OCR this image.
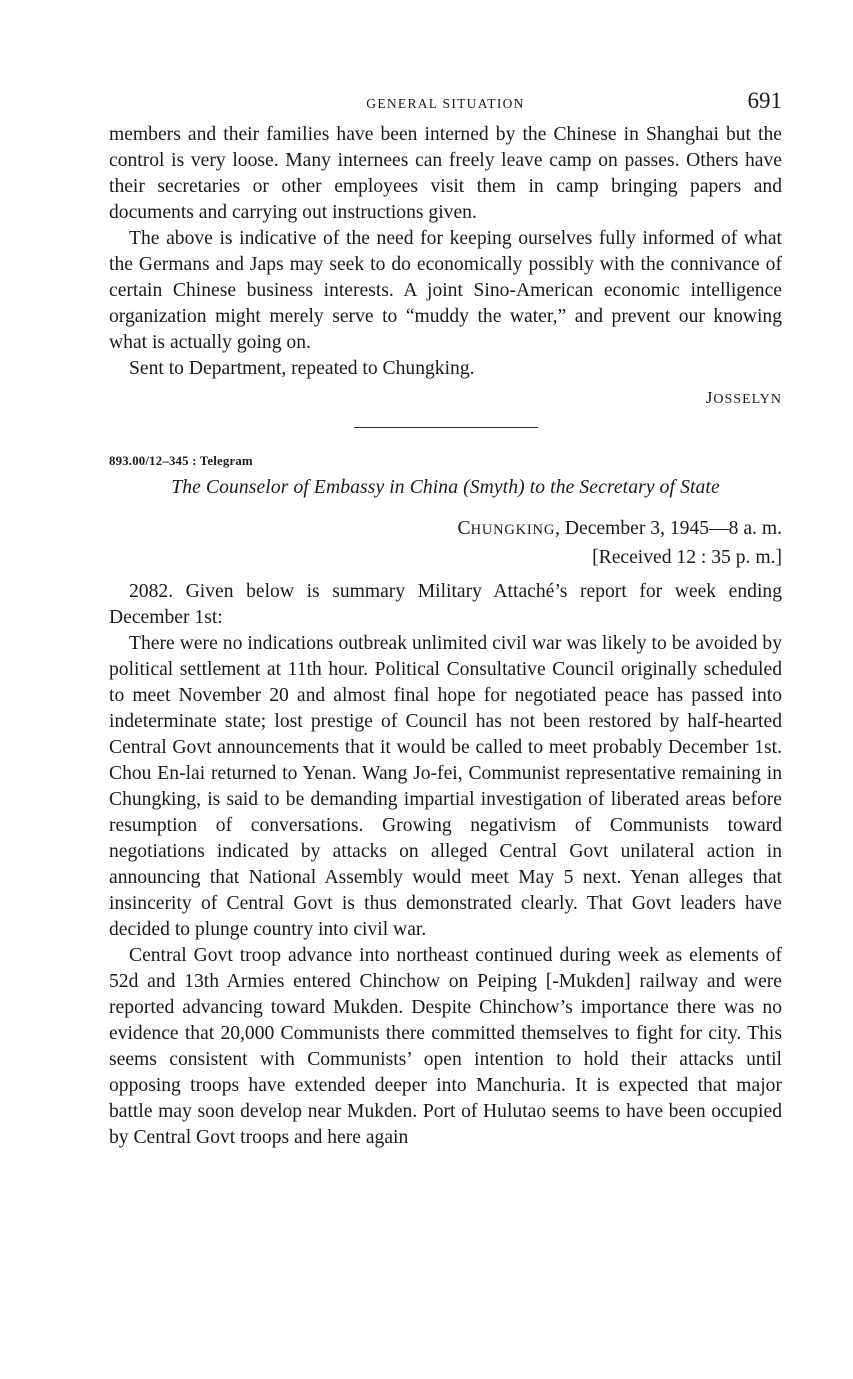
GENERAL SITUATION	691

members and their families have been interned by the Chinese in Shanghai but the control is very loose. Many internees can freely leave camp on passes. Others have their secretaries or other employees visit them in camp bringing papers and documents and carrying out instructions given.

The above is indicative of the need for keeping ourselves fully informed of what the Germans and Japs may seek to do economically possibly with the connivance of certain Chinese business interests. A joint Sino-American economic intelligence organization might merely serve to “muddy the water,” and prevent our knowing what is actually going on.

Sent to Department, repeated to Chungking.

JOSSELYN
893.00/12–345 : Telegram
The Counselor of Embassy in China (Smyth) to the Secretary of State
CHUNGKING, December 3, 1945—8 a. m.
[Received 12 : 35 p. m.]

2082. Given below is summary Military Attaché’s report for week ending December 1st:

There were no indications outbreak unlimited civil war was likely to be avoided by political settlement at 11th hour. Political Consultative Council originally scheduled to meet November 20 and almost final hope for negotiated peace has passed into indeterminate state; lost prestige of Council has not been restored by half-hearted Central Govt announcements that it would be called to meet probably December 1st. Chou En-lai returned to Yenan. Wang Jo-fei, Communist representative remaining in Chungking, is said to be demanding impartial investigation of liberated areas before resumption of conversations. Growing negativism of Communists toward negotiations indicated by attacks on alleged Central Govt unilateral action in announcing that National Assembly would meet May 5 next. Yenan alleges that insincerity of Central Govt is thus demonstrated clearly. That Govt leaders have decided to plunge country into civil war.

Central Govt troop advance into northeast continued during week as elements of 52d and 13th Armies entered Chinchow on Peiping [-Mukden] railway and were reported advancing toward Mukden. Despite Chinchow’s importance there was no evidence that 20,000 Communists there committed themselves to fight for city. This seems consistent with Communists’ open intention to hold their attacks until opposing troops have extended deeper into Manchuria. It is expected that major battle may soon develop near Mukden. Port of Hulutao seems to have been occupied by Central Govt troops and here again
